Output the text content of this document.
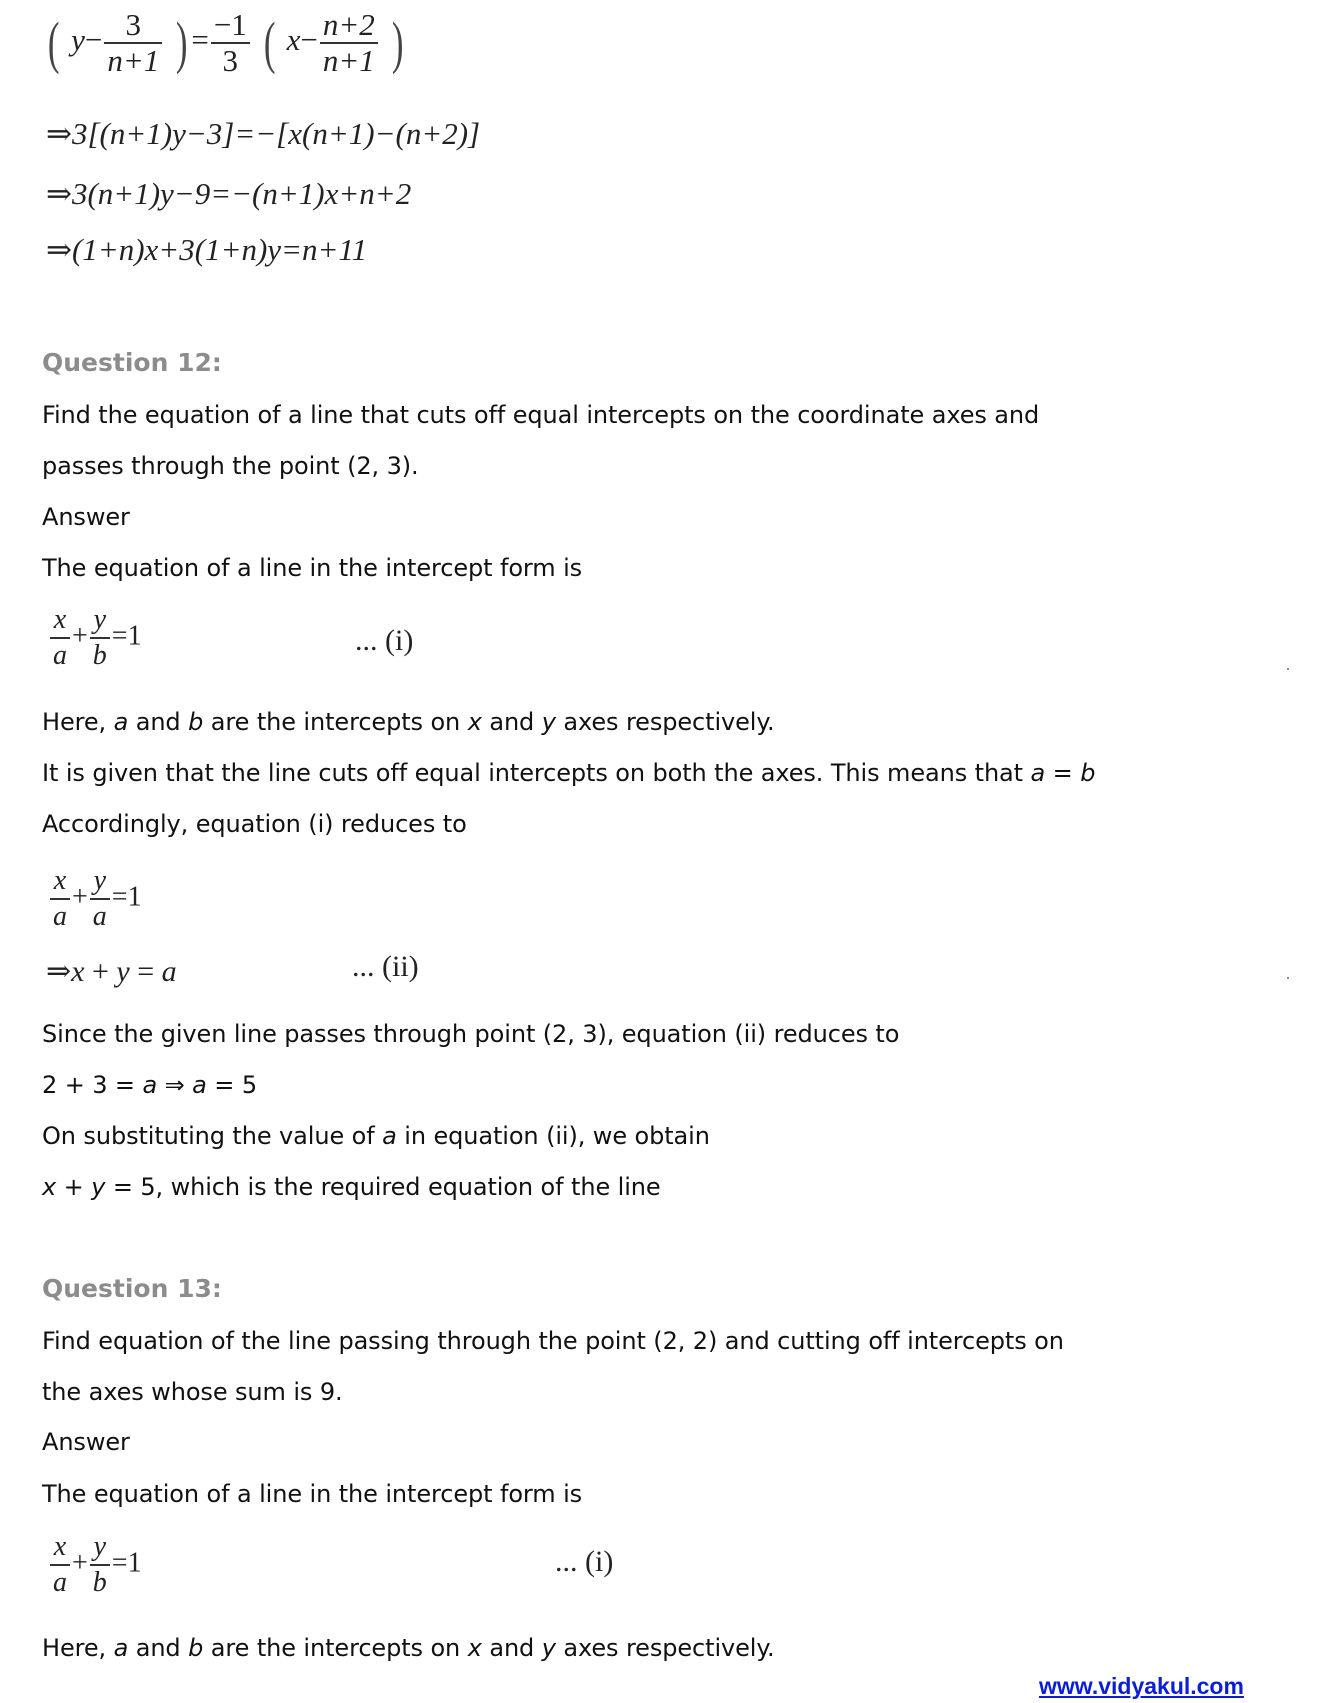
( $y- \frac{3}{n+1}$ ) = $\frac{-1}{3}$ ( $x- \frac{n+2}{n+1}$ )
⇒3[(n+1)y−3]=−[x(n+1)−(n+2)]
⇒3(n+1)y−9=−(n+1)x+n+2
⇒(1+n)x+3(1+n)y=n+11
Question 12:
Find the equation of a line that cuts off equal intercepts on the coordinate axes and
passes through the point (2, 3).
Answer
The equation of a line in the intercept form is
$\frac{x}{a} + \frac{y}{b} =1$	... (i)
Here, a and b are the intercepts on x and y axes respectively.
It is given that the line cuts off equal intercepts on both the axes. This means that a = b
Accordingly, equation (i) reduces to
$\frac{x}{a} + \frac{y}{a} =1$
⇒x + y = a	... (ii)
Since the given line passes through point (2, 3), equation (ii) reduces to
2 + 3 = a ⇒ a = 5
On substituting the value of a in equation (ii), we obtain
x + y = 5, which is the required equation of the line
Question 13:
Find equation of the line passing through the point (2, 2) and cutting off intercepts on
the axes whose sum is 9.
Answer
The equation of a line in the intercept form is
$\frac{x}{a} + \frac{y}{b} =1$	... (i)
Here, a and b are the intercepts on x and y axes respectively.
www.vidyakul.com
